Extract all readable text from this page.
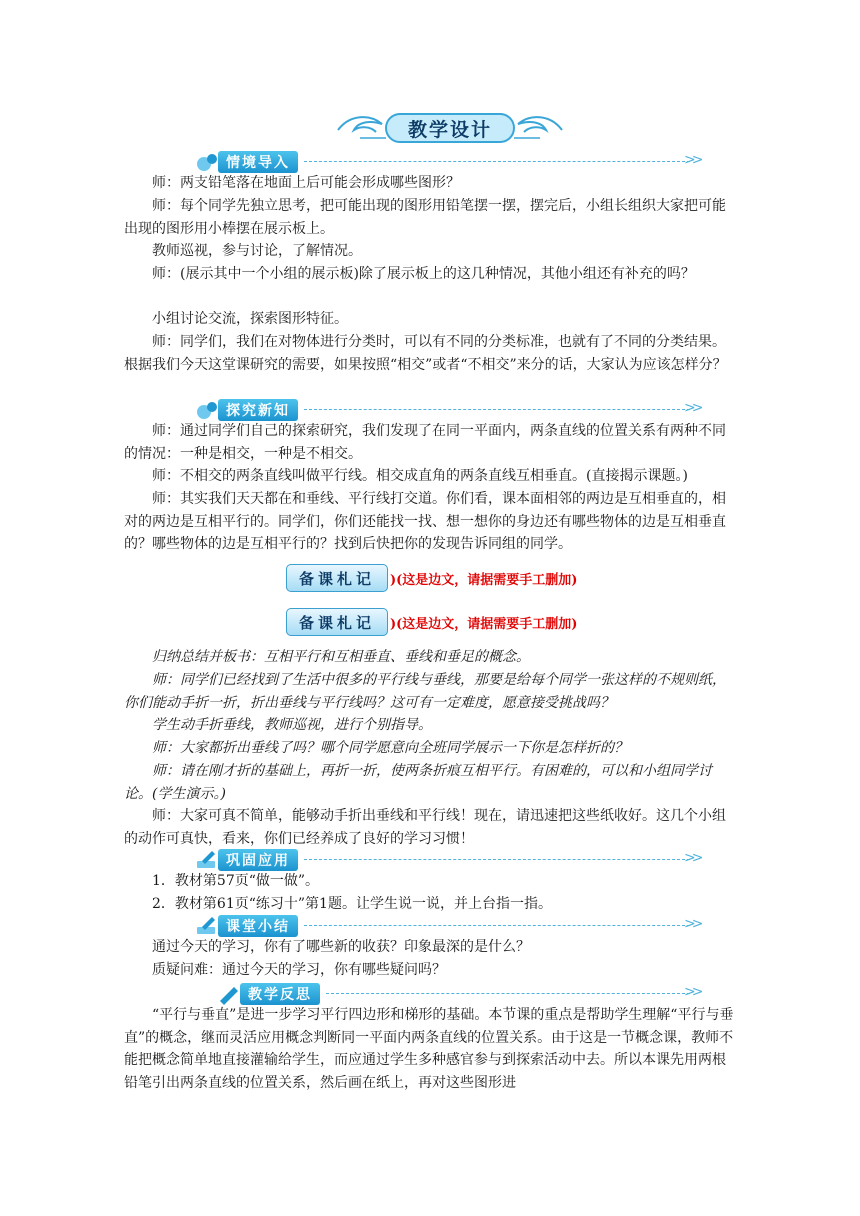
教学设计
情境导入	>>

师：两支铅笔落在地面上后可能会形成哪些图形？

师：每个同学先独立思考，把可能出现的图形用铅笔摆一摆，摆完后，小组长组织大家把可能出现的图形用小棒摆在展示板上。

教师巡视，参与讨论，了解情况。

师：(展示其中一个小组的展示板)除了展示板上的这几种情况，其他小组还有补充的吗？

小组讨论交流，探索图形特征。

师：同学们，我们在对物体进行分类时，可以有不同的分类标准，也就有了不同的分类结果。根据我们今天这堂课研究的需要，如果按照“相交”或者“不相交”来分的话，大家认为应该怎样分？

探究新知	>>

师：通过同学们自己的探索研究，我们发现了在同一平面内，两条直线的位置关系有两种不同的情况：一种是相交，一种是不相交。

师：不相交的两条直线叫做平行线。相交成直角的两条直线互相垂直。(直接揭示课题。)

师：其实我们天天都在和垂线、平行线打交道。你们看，课本面相邻的两边是互相垂直的，相对的两边是互相平行的。同学们，你们还能找一找、想一想你的身边还有哪些物体的边是互相垂直的？哪些物体的边是互相平行的？找到后快把你的发现告诉同组的同学。

备课札记	)(这是边文，请据需要手工删加)
备课札记	)(这是边文，请据需要手工删加)

归纳总结并板书：互相平行和互相垂直、垂线和垂足的概念。

师：同学们已经找到了生活中很多的平行线与垂线，那要是给每个同学一张这样的不规则纸，你们能动手折一折，折出垂线与平行线吗？这可有一定难度，愿意接受挑战吗？

学生动手折垂线，教师巡视，进行个别指导。

师：大家都折出垂线了吗？哪个同学愿意向全班同学展示一下你是怎样折的？

师：请在刚才折的基础上，再折一折，使两条折痕互相平行。有困难的，可以和小组同学讨论。(学生演示。)

师：大家可真不简单，能够动手折出垂线和平行线！现在，请迅速把这些纸收好。这几个小组的动作可真快，看来，你们已经养成了良好的学习习惯！

巩固应用	>>

1．教材第57页“做一做”。

2．教材第61页“练习十”第1题。让学生说一说，并上台指一指。

课堂小结	>>

通过今天的学习，你有了哪些新的收获？印象最深的是什么？

质疑问难：通过今天的学习，你有哪些疑问吗？

教学反思	>>

“平行与垂直”是进一步学习平行四边形和梯形的基础。本节课的重点是帮助学生理解“平行与垂直”的概念，继而灵活应用概念判断同一平面内两条直线的位置关系。由于这是一节概念课，教师不能把概念简单地直接灌输给学生，而应通过学生多种感官参与到探索活动中去。所以本课先用两根铅笔引出两条直线的位置关系，然后画在纸上，再对这些图形进
